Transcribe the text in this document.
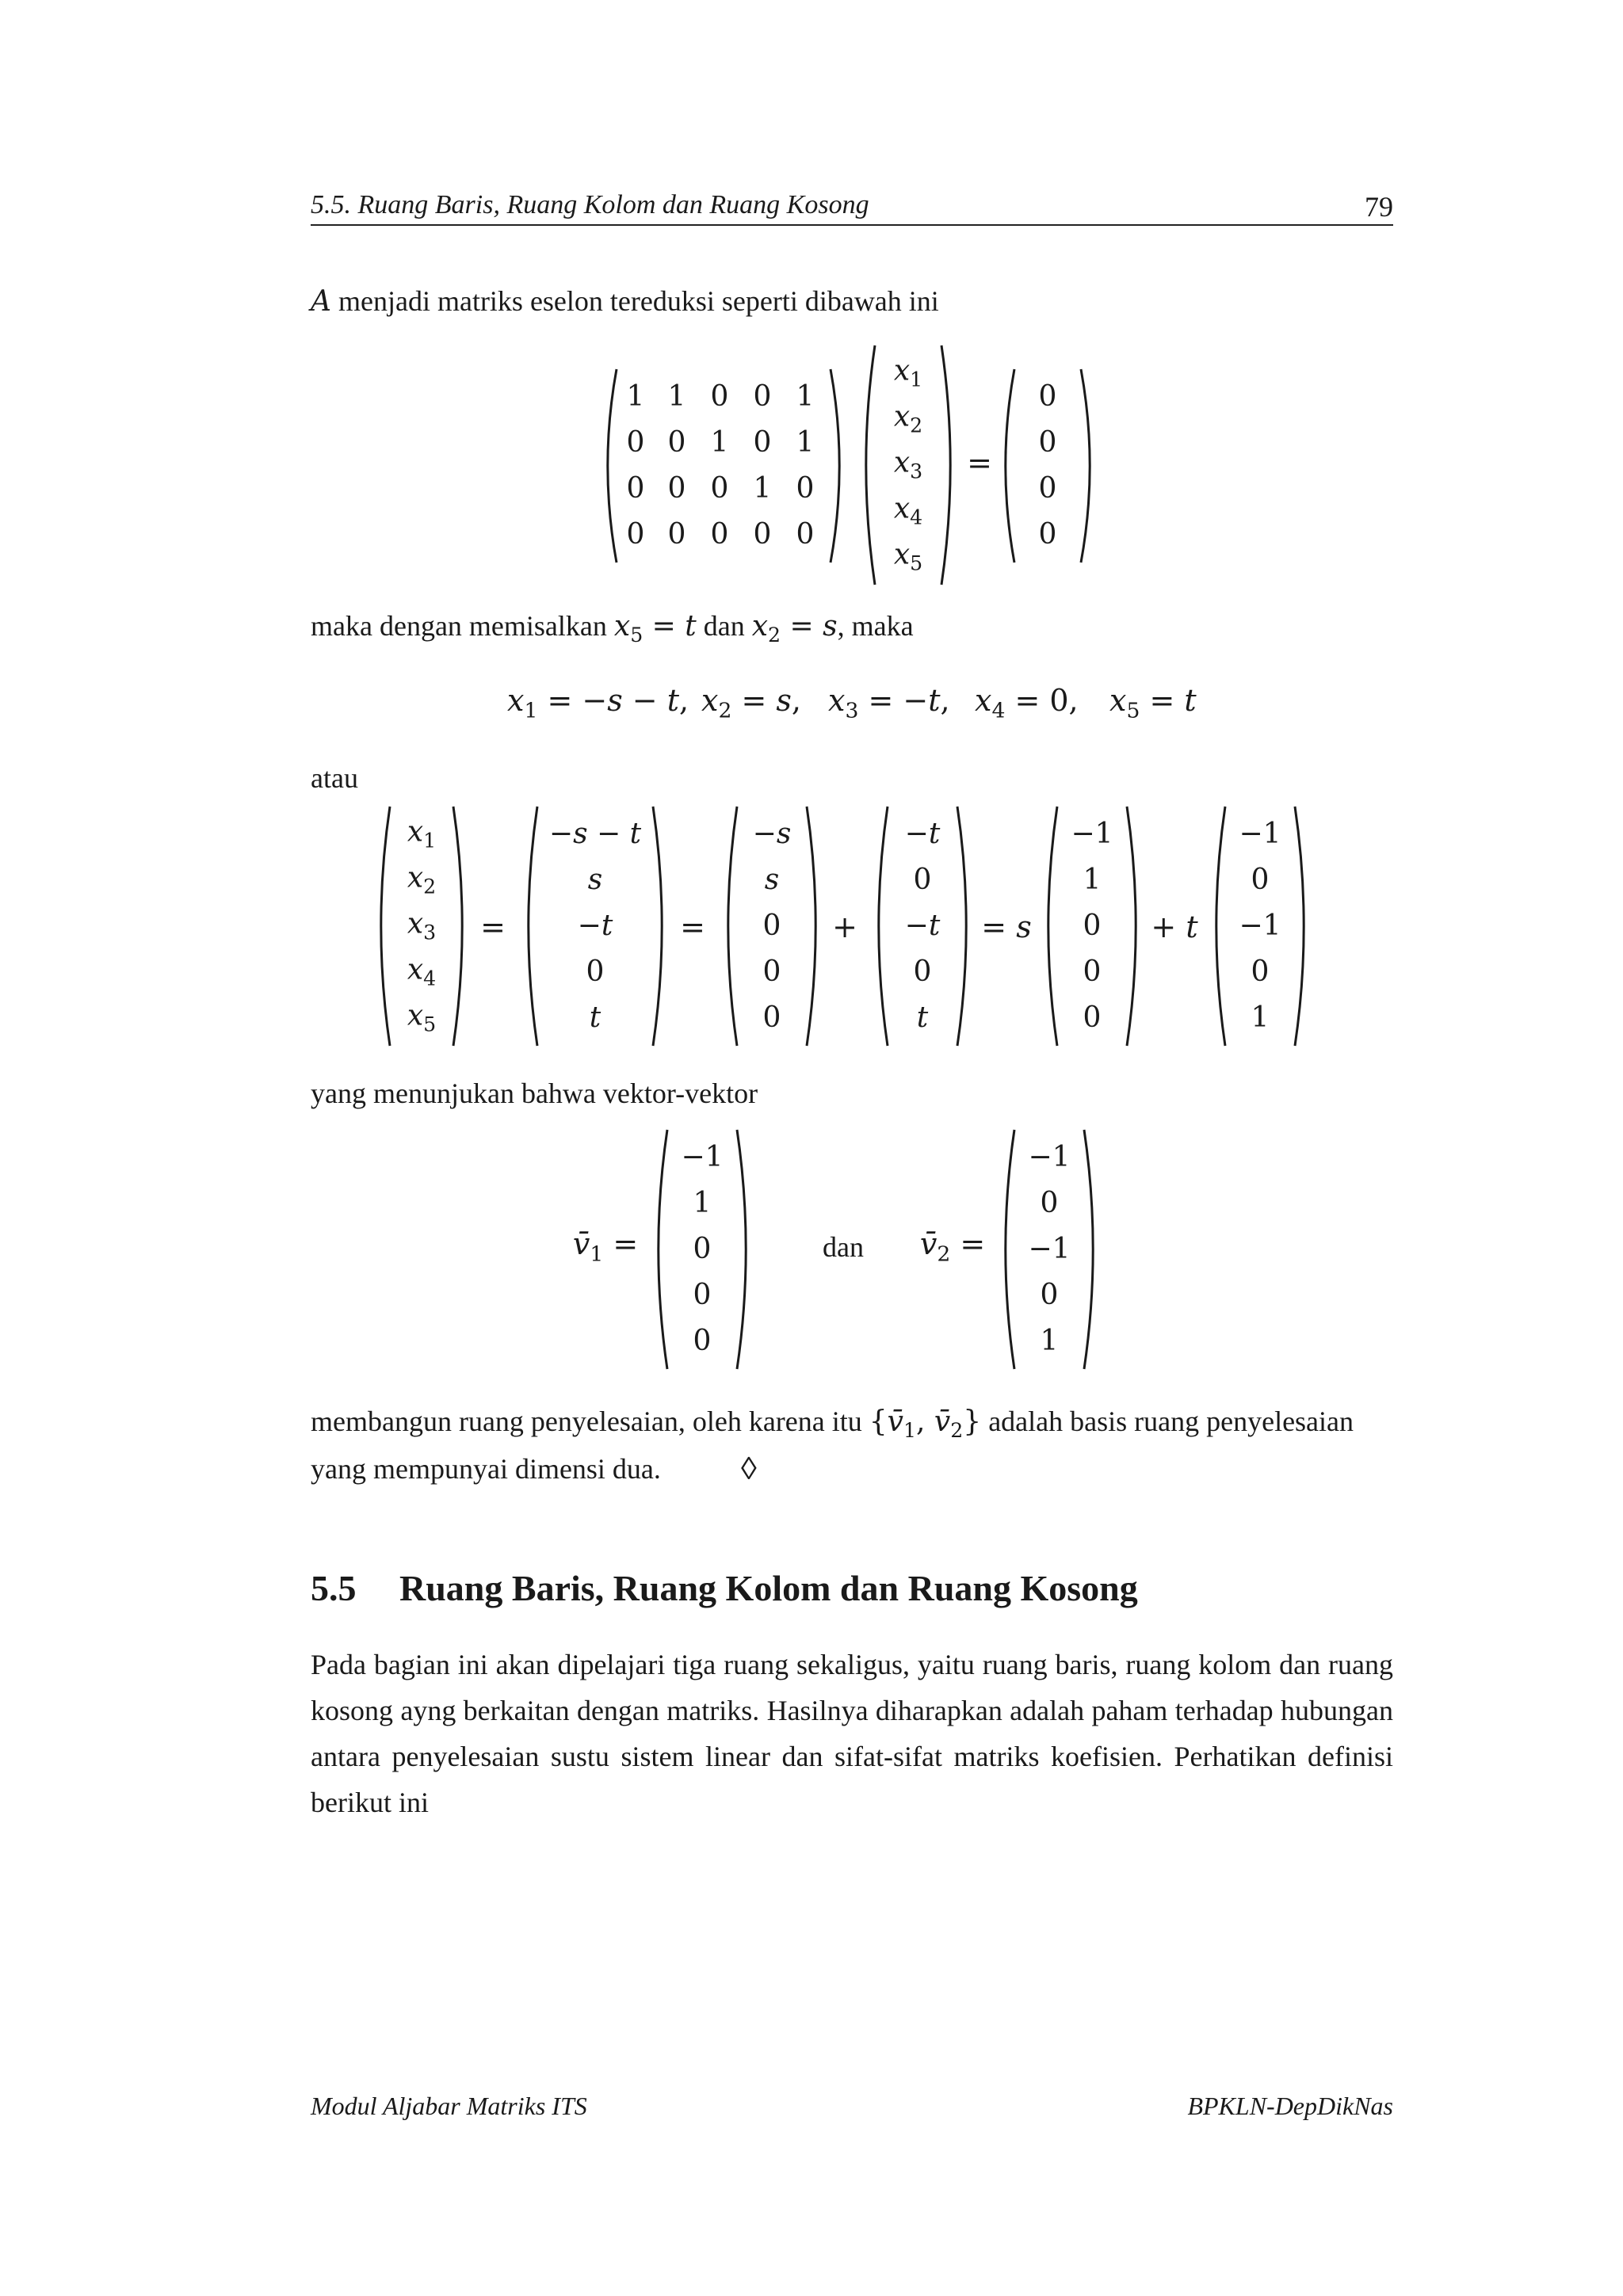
5.5. Ruang Baris, Ruang Kolom dan Ruang Kosong	79
A menjadi matriks eselon tereduksi seperti dibawah ini
1 1 0 0 1
0 0 1 0 1
0 0 0 1 0
0 0 0 0 0
$x_1$
$x_2$
$x_3$
$x_4$
$x_5$
=
0
0
0
0
maka dengan memisalkan $x_5 = t$ dan $x_2 = s$, maka
$x_1 = -s - t$, $x_2 = s$, $x_3 = -t$, $x_4 = 0$, $x_5 = t$
atau
$x_1$
$x_2$
$x_3$
$x_4$
$x_5$
=
−s − t
s
−t
0
t
=
−s
s
0
0
0
+
−t
0
−t
0
t
= s
−1
1
0
0
0
+ t
−1
0
−1
0
1
yang menunjukan bahwa vektor-vektor
$v̄_1$ =
−1
1
0
0
0
dan $v̄_2$ =
−1
0
−1
0
1
membangun ruang penyelesaian, oleh karena itu {$v̄_1$, $v̄_2$} adalah basis ruang penyelesaian
yang mempunyai dimensi dua.	◊
5.5 Ruang Baris, Ruang Kolom dan Ruang Kosong

Pada bagian ini akan dipelajari tiga ruang sekaligus, yaitu ruang baris, ruang kolom dan ruang kosong ayng berkaitan dengan matriks. Hasilnya diharapkan adalah paham terhadap hubungan antara penyelesaian sustu sistem linear dan sifat-sifat matriks koefisien. Perhatikan definisi berikut ini

Modul Aljabar Matriks ITS	BPKLN-DepDikNas
